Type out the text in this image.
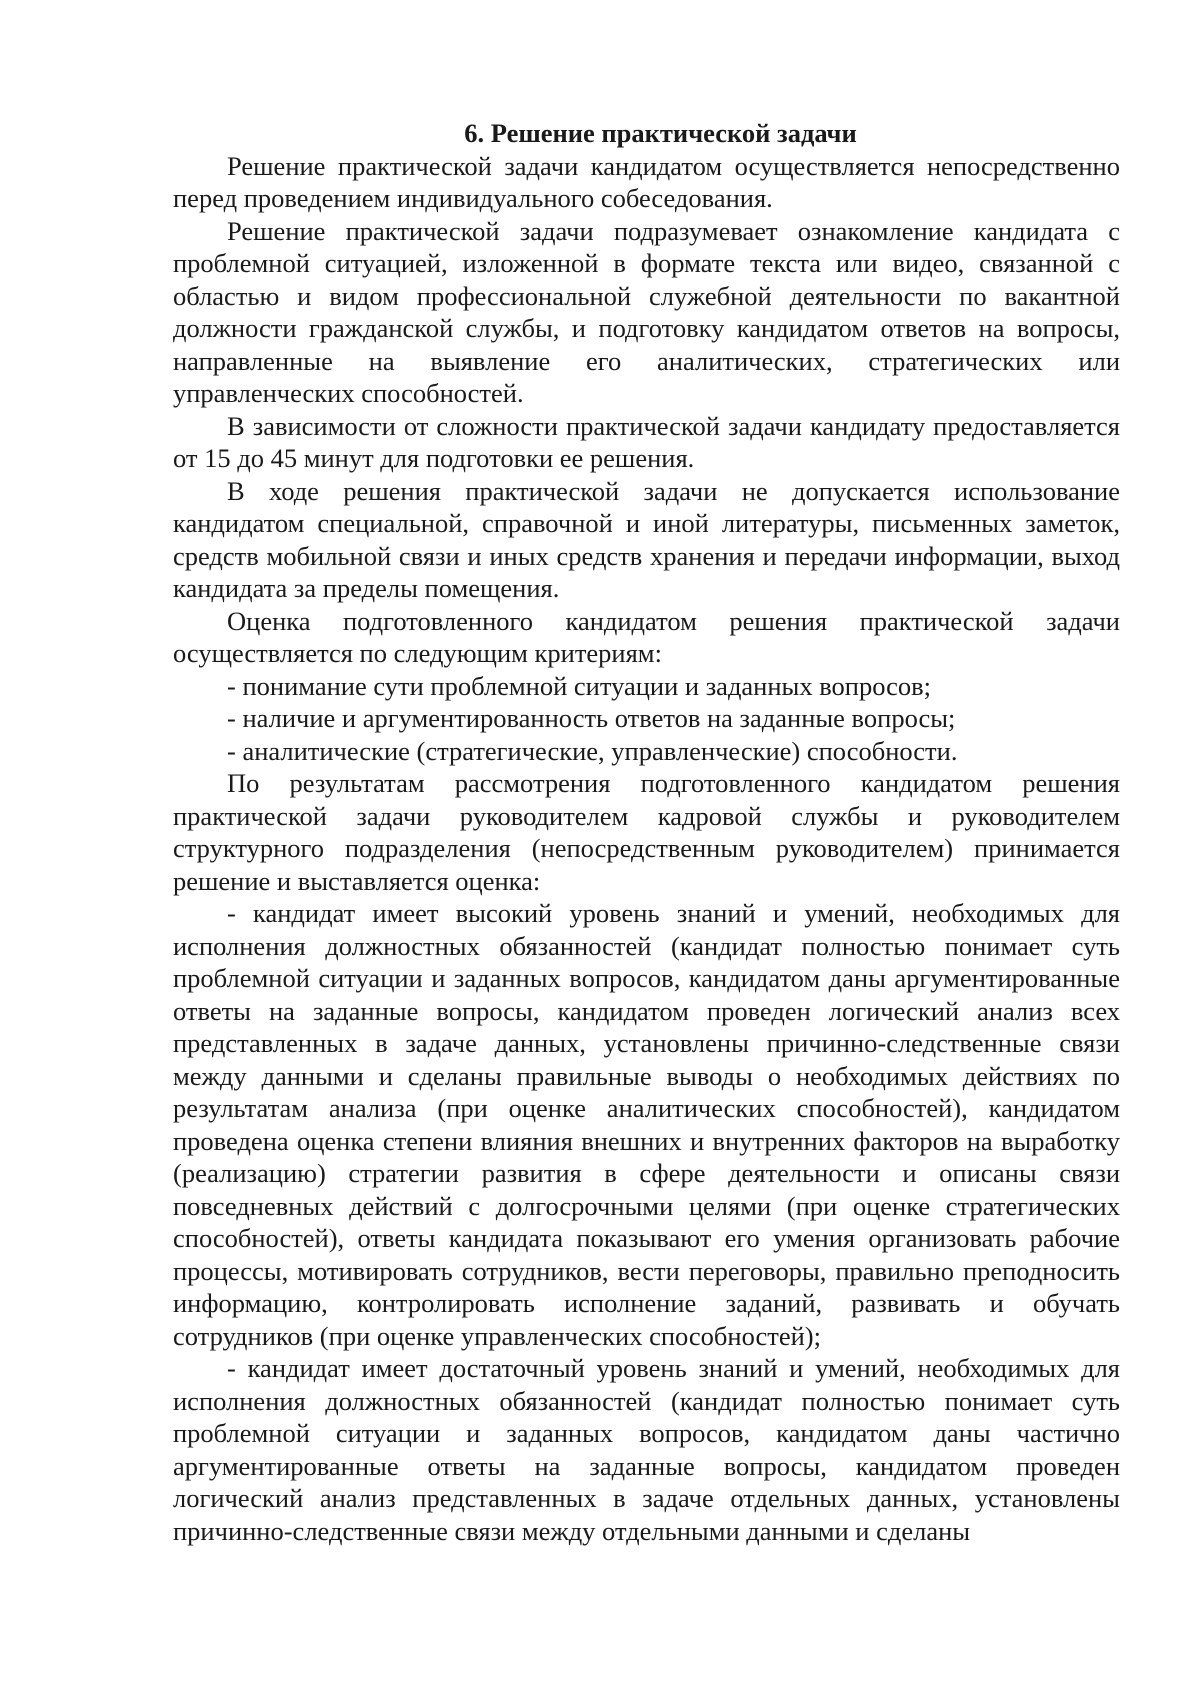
6. Решение практической задачи

Решение практической задачи кандидатом осуществляется непосредственно перед проведением индивидуального собеседования.

Решение практической задачи подразумевает ознакомление кандидата с проблемной ситуацией, изложенной в формате текста или видео, связанной с областью и видом профессиональной служебной деятельности по вакантной должности гражданской службы, и подготовку кандидатом ответов на вопросы, направленные на выявление его аналитических, стратегических или управленческих способностей.

В зависимости от сложности практической задачи кандидату предоставляется от 15 до 45 минут для подготовки ее решения.

В ходе решения практической задачи не допускается использование кандидатом специальной, справочной и иной литературы, письменных заметок, средств мобильной связи и иных средств хранения и передачи информации, выход кандидата за пределы помещения.

Оценка подготовленного кандидатом решения практической задачи осуществляется по следующим критериям:

- понимание сути проблемной ситуации и заданных вопросов;

- наличие и аргументированность ответов на заданные вопросы;

- аналитические (стратегические, управленческие) способности.

По результатам рассмотрения подготовленного кандидатом решения практической задачи руководителем кадровой службы и руководителем структурного подразделения (непосредственным руководителем) принимается решение и выставляется оценка:

- кандидат имеет высокий уровень знаний и умений, необходимых для исполнения должностных обязанностей (кандидат полностью понимает суть проблемной ситуации и заданных вопросов, кандидатом даны аргументированные ответы на заданные вопросы, кандидатом проведен логический анализ всех представленных в задаче данных, установлены причинно-следственные связи между данными и сделаны правильные выводы о необходимых действиях по результатам анализа (при оценке аналитических способностей), кандидатом проведена оценка степени влияния внешних и внутренних факторов на выработку (реализацию) стратегии развития в сфере деятельности и описаны связи повседневных действий с долгосрочными целями (при оценке стратегических способностей), ответы кандидата показывают его умения организовать рабочие процессы, мотивировать сотрудников, вести переговоры, правильно преподносить информацию, контролировать исполнение заданий, развивать и обучать сотрудников (при оценке управленческих способностей);

- кандидат имеет достаточный уровень знаний и умений, необходимых для исполнения должностных обязанностей (кандидат полностью понимает суть проблемной ситуации и заданных вопросов, кандидатом даны частично аргументированные ответы на заданные вопросы, кандидатом проведен логический анализ представленных в задаче отдельных данных, установлены причинно-следственные связи между отдельными данными и сделаны
